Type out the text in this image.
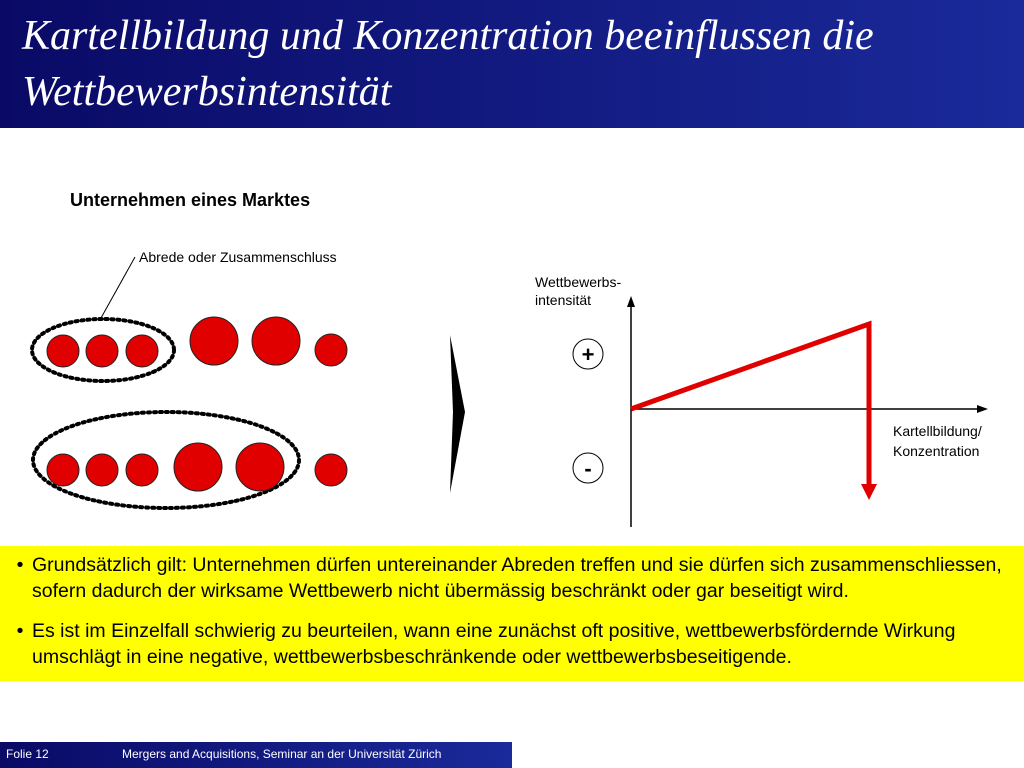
Kartellbildung und Konzentration beeinflussen die Wettbewerbsintensität
Unternehmen eines Marktes
Abrede oder Zusammenschluss
Wettbewerbs- intensität
Kartellbildung/ Konzentration
+
-
• Grundsätzlich gilt: Unternehmen dürfen untereinander Abreden treffen und sie dürfen sich zusammenschliessen, sofern dadurch der wirksame Wettbewerb nicht übermässig beschränkt oder gar beseitigt wird.
• Es ist im Einzelfall schwierig zu beurteilen, wann eine zunächst oft positive, wettbewerbsfördernde Wirkung umschlägt in eine negative, wettbewerbsbeschränkende oder wettbewerbsbeseitigende.
Folie 12	Mergers and Acquisitions, Seminar an der Universität Zürich
